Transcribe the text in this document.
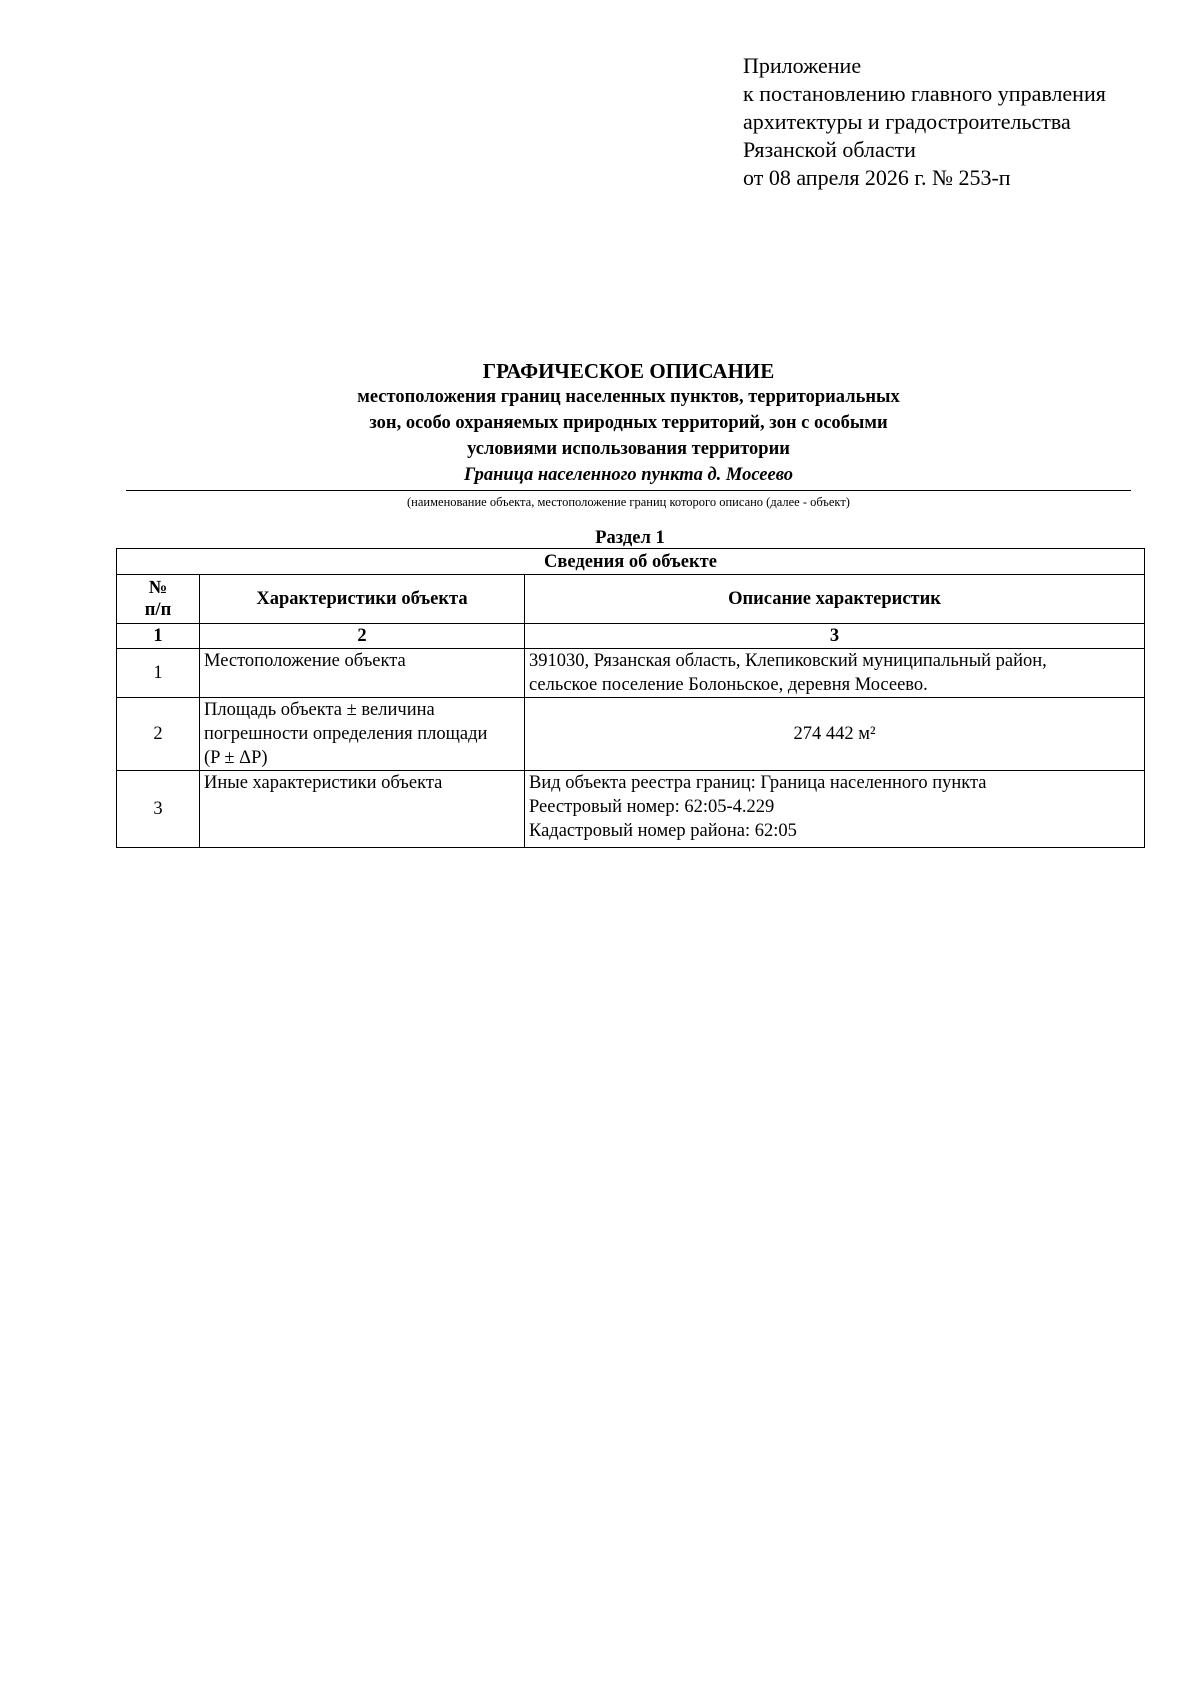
Приложение
к постановлению главного управления
архитектуры и градостроительства
Рязанской области
от 08 апреля 2026 г. № 253-п
ГРАФИЧЕСКОЕ ОПИСАНИЕ
местоположения границ населенных пунктов, территориальных
зон, особо охраняемых природных территорий, зон с особыми
условиями использования территории
Граница населенного пункта д. Мосеево
(наименование объекта, местоположение границ которого описано (далее - объект)
Раздел 1
Сведения об объекте		

№
п/п	Характеристики объекта	Описание характеристик
1	2	3
1	Местоположение объекта	391030, Рязанская область, Клепиковский муниципальный район,
сельское поселение Болоньское, деревня Мосеево.

2	Площадь объекта ± величина
погрешности определения площади
(P ± ΔP)	274 442 м²

3	Иные характеристики объекта	Вид объекта реестра границ: Граница населенного пункта
Реестровый номер: 62:05-4.229
Кадастровый номер района: 62:05
